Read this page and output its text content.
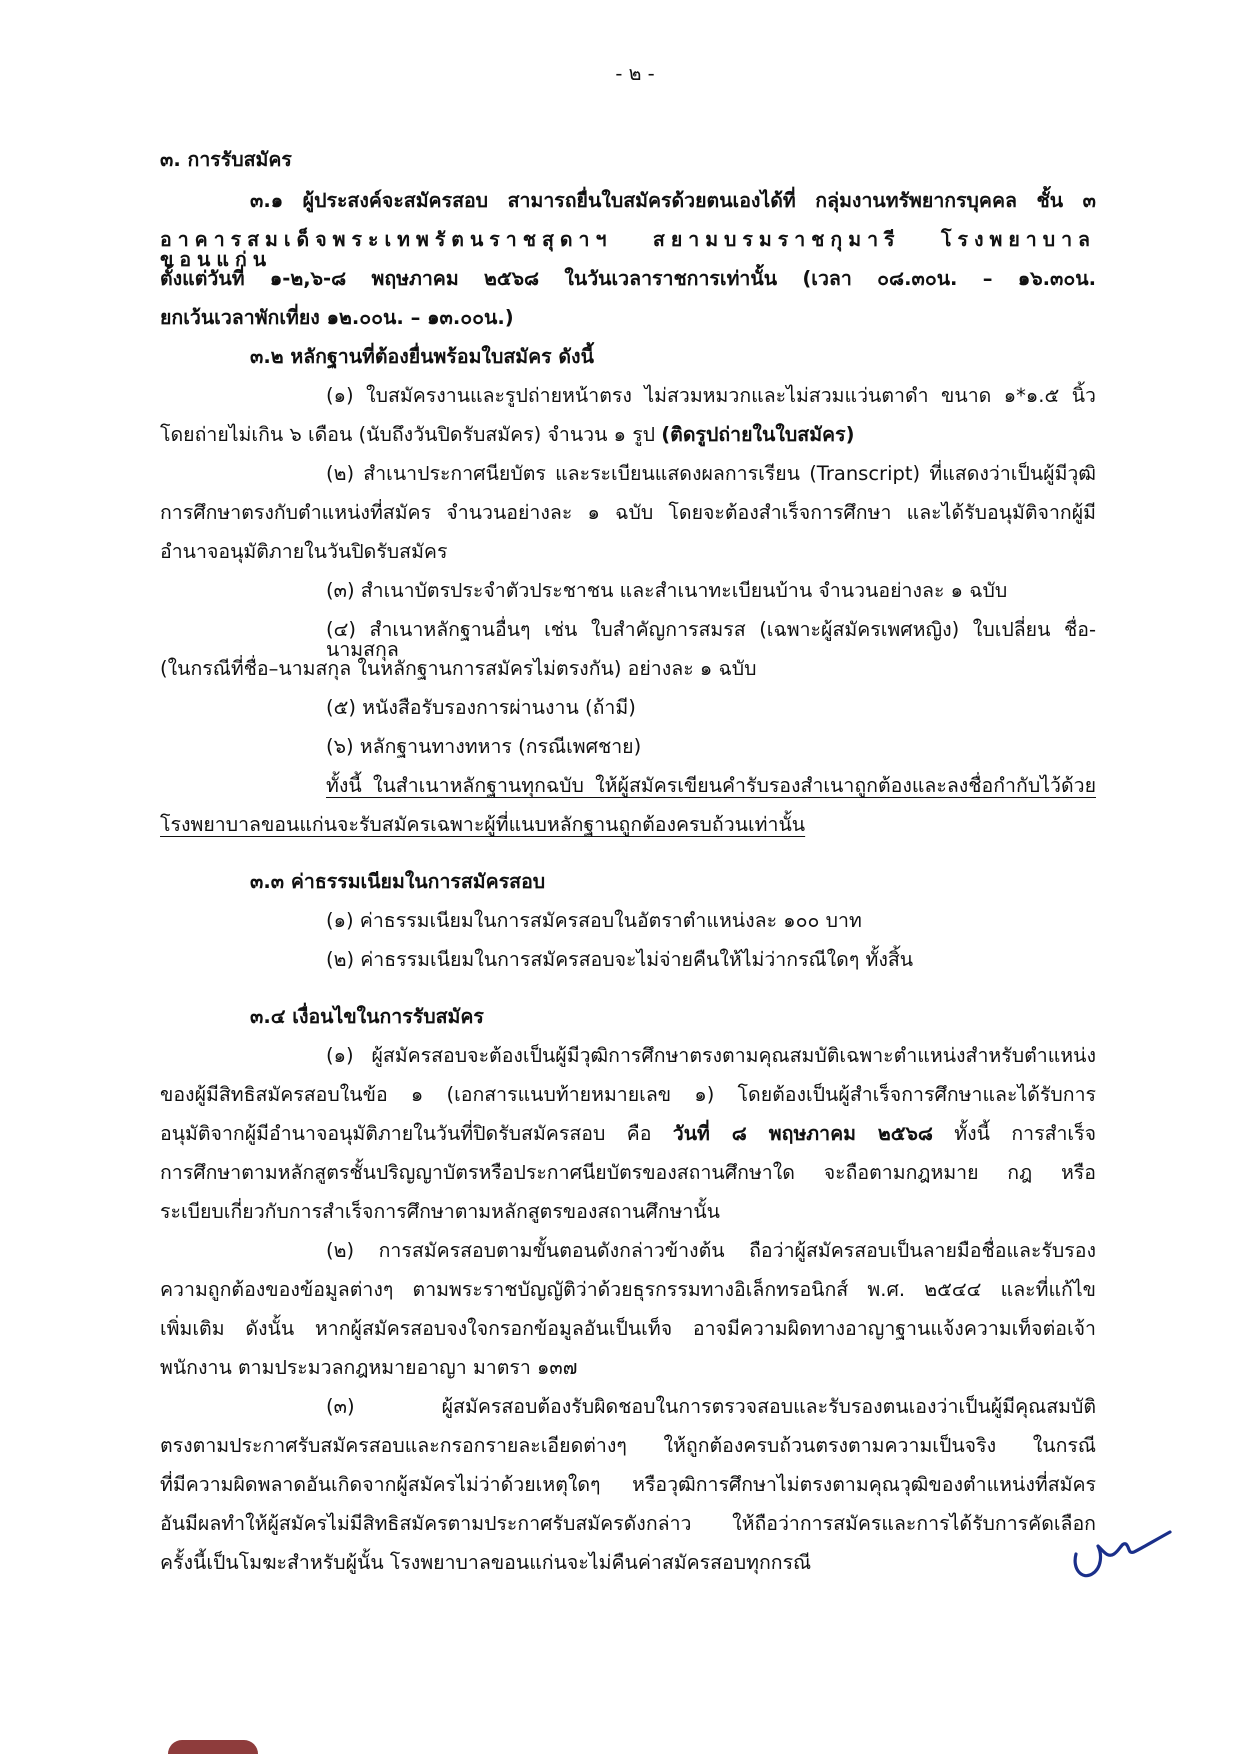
- ๒ -
๓. การรับสมัคร
๓.๑ ผู้ประสงค์จะสมัครสอบ สามารถยื่นใบสมัครด้วยตนเองได้ที่ กลุ่มงานทรัพยากรบุคคล ชั้น ๓
อาคารสมเด็จพระเทพรัตนราชสุดาฯ สยามบรมราชกุมารี โรงพยาบาลขอนแก่น
ตั้งแต่วันที่ ๑-๒,๖-๘ พฤษภาคม ๒๕๖๘ ในวันเวลาราชการเท่านั้น (เวลา ๐๘.๓๐น. – ๑๖.๓๐น.
ยกเว้นเวลาพักเที่ยง ๑๒.๐๐น. – ๑๓.๐๐น.)
๓.๒ หลักฐานที่ต้องยื่นพร้อมใบสมัคร ดังนี้
(๑) ใบสมัครงานและรูปถ่ายหน้าตรง ไม่สวมหมวกและไม่สวมแว่นตาดำ ขนาด ๑*๑.๕ นิ้ว
โดยถ่ายไม่เกิน ๖ เดือน (นับถึงวันปิดรับสมัคร) จำนวน ๑ รูป (ติดรูปถ่ายในใบสมัคร)
(๒) สำเนาประกาศนียบัตร และระเบียนแสดงผลการเรียน (Transcript) ที่แสดงว่าเป็นผู้มีวุฒิ
การศึกษาตรงกับตำแหน่งที่สมัคร จำนวนอย่างละ ๑ ฉบับ โดยจะต้องสำเร็จการศึกษา และได้รับอนุมัติจากผู้มี
อำนาจอนุมัติภายในวันปิดรับสมัคร
(๓) สำเนาบัตรประจำตัวประชาชน และสำเนาทะเบียนบ้าน จำนวนอย่างละ ๑ ฉบับ
(๔) สำเนาหลักฐานอื่นๆ เช่น ใบสำคัญการสมรส (เฉพาะผู้สมัครเพศหญิง) ใบเปลี่ยน ชื่อ-นามสกุล
(ในกรณีที่ชื่อ–นามสกุล ในหลักฐานการสมัครไม่ตรงกัน) อย่างละ ๑ ฉบับ
(๕) หนังสือรับรองการผ่านงาน (ถ้ามี)
(๖) หลักฐานทางทหาร (กรณีเพศชาย)
ทั้งนี้ ในสำเนาหลักฐานทุกฉบับ ให้ผู้สมัครเขียนคำรับรองสำเนาถูกต้องและลงชื่อกำกับไว้ด้วย
โรงพยาบาลขอนแก่นจะรับสมัครเฉพาะผู้ที่แนบหลักฐานถูกต้องครบถ้วนเท่านั้น
๓.๓ ค่าธรรมเนียมในการสมัครสอบ
(๑) ค่าธรรมเนียมในการสมัครสอบในอัตราตำแหน่งละ ๑๐๐ บาท
(๒) ค่าธรรมเนียมในการสมัครสอบจะไม่จ่ายคืนให้ไม่ว่ากรณีใดๆ ทั้งสิ้น
๓.๔ เงื่อนไขในการรับสมัคร
(๑) ผู้สมัครสอบจะต้องเป็นผู้มีวุฒิการศึกษาตรงตามคุณสมบัติเฉพาะตำแหน่งสำหรับตำแหน่ง
ของผู้มีสิทธิสมัครสอบในข้อ ๑ (เอกสารแนบท้ายหมายเลข ๑) โดยต้องเป็นผู้สำเร็จการศึกษาและได้รับการ
อนุมัติจากผู้มีอำนาจอนุมัติภายในวันที่ปิดรับสมัครสอบ คือ วันที่ ๘ พฤษภาคม ๒๕๖๘ ทั้งนี้ การสำเร็จ
การศึกษาตามหลักสูตรชั้นปริญญาบัตรหรือประกาศนียบัตรของสถานศึกษาใด จะถือตามกฎหมาย กฎ หรือ
ระเบียบเกี่ยวกับการสำเร็จการศึกษาตามหลักสูตรของสถานศึกษานั้น
(๒) การสมัครสอบตามขั้นตอนดังกล่าวข้างต้น ถือว่าผู้สมัครสอบเป็นลายมือชื่อและรับรอง
ความถูกต้องของข้อมูลต่างๆ ตามพระราชบัญญัติว่าด้วยธุรกรรมทางอิเล็กทรอนิกส์ พ.ศ. ๒๕๔๔ และที่แก้ไข
เพิ่มเติม ดังนั้น หากผู้สมัครสอบจงใจกรอกข้อมูลอันเป็นเท็จ อาจมีความผิดทางอาญาฐานแจ้งความเท็จต่อเจ้า
พนักงาน ตามประมวลกฎหมายอาญา มาตรา ๑๓๗
(๓) ผู้สมัครสอบต้องรับผิดชอบในการตรวจสอบและรับรองตนเองว่าเป็นผู้มีคุณสมบัติ
ตรงตามประกาศรับสมัครสอบและกรอกรายละเอียดต่างๆ ให้ถูกต้องครบถ้วนตรงตามความเป็นจริง ในกรณี
ที่มีความผิดพลาดอันเกิดจากผู้สมัครไม่ว่าด้วยเหตุใดๆ หรือวุฒิการศึกษาไม่ตรงตามคุณวุฒิของตำแหน่งที่สมัคร
อันมีผลทำให้ผู้สมัครไม่มีสิทธิสมัครตามประกาศรับสมัครดังกล่าว ให้ถือว่าการสมัครและการได้รับการคัดเลือก
ครั้งนี้เป็นโมฆะสำหรับผู้นั้น โรงพยาบาลขอนแก่นจะไม่คืนค่าสมัครสอบทุกกรณี
